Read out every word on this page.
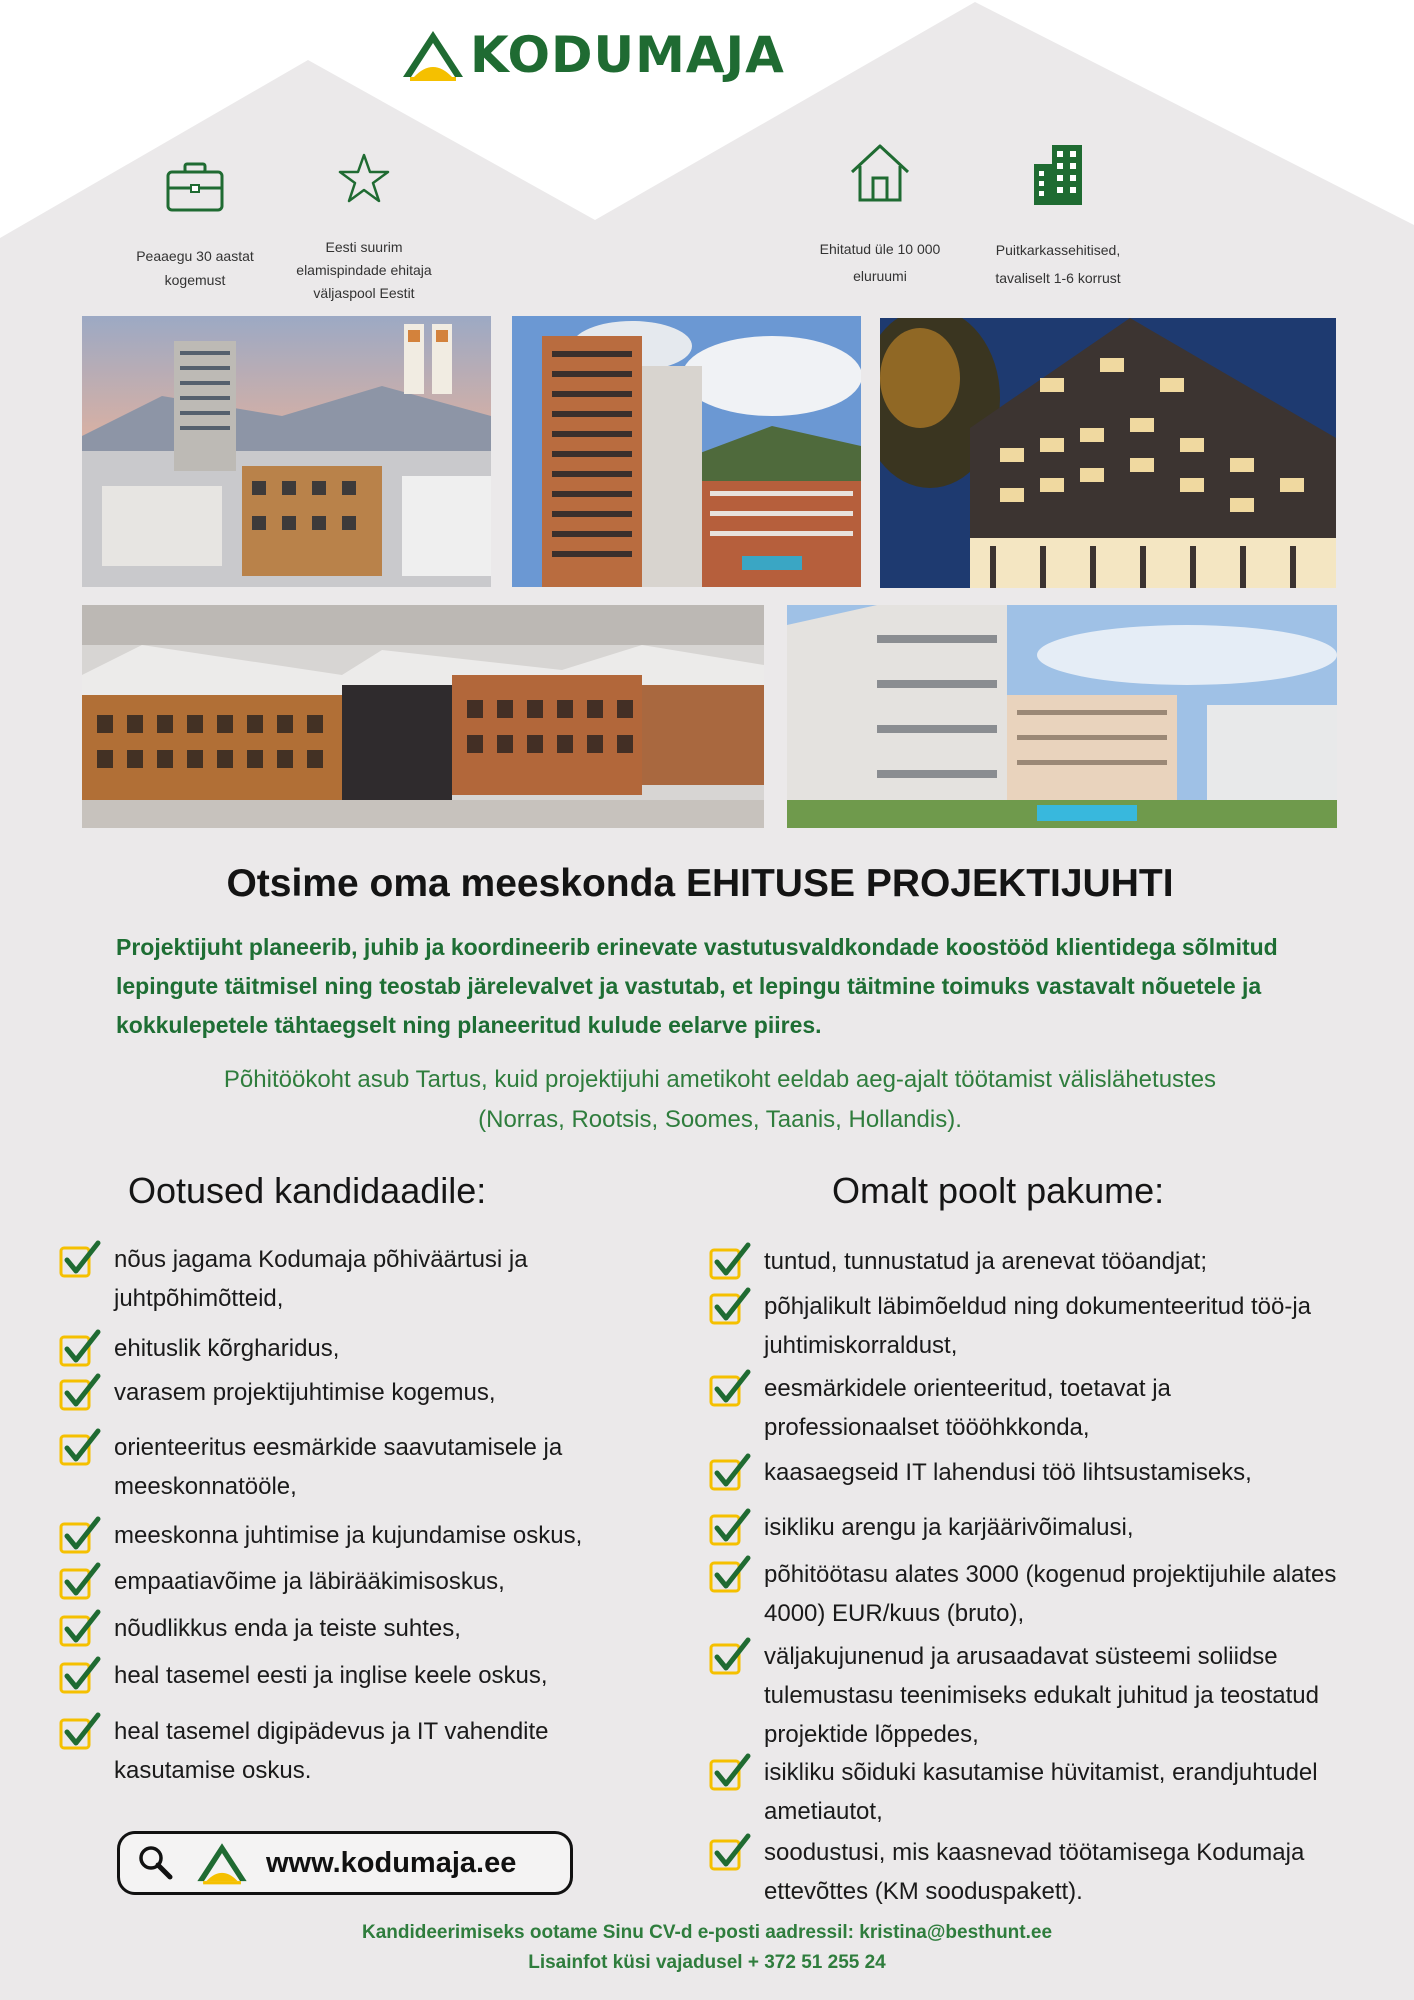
KODUMAJA
Peaaegu 30 aastat
kogemust
Eesti suurim
elamispindade ehitaja
väljaspool Eestit
Ehitatud üle 10 000
eluruumi
Puitkarkassehitised,
tavaliselt 1-6 korrust
Otsime oma meeskonda EHITUSE PROJEKTIJUHTI
Projektijuht planeerib, juhib ja koordineerib erinevate vastutusvaldkondade koostööd klientidega sõlmitud lepingute täitmisel ning teostab järelevalvet ja vastutab, et lepingu täitmine toimuks vastavalt nõuetele ja kokkulepetele tähtaegselt ning planeeritud kulude eelarve piires.
Põhitöökoht asub Tartus, kuid projektijuhi ametikoht eeldab aeg-ajalt töötamist välislähetustes
(Norras, Rootsis, Soomes, Taanis, Hollandis).
Ootused kandidaadile:
nõus jagama Kodumaja põhiväärtusi ja juhtpõhimõtteid,
ehituslik kõrgharidus,
varasem projektijuhtimise kogemus,
orienteeritus eesmärkide saavutamisele ja meeskonnatööle,
meeskonna juhtimise ja kujundamise oskus,
empaatiavõime ja läbirääkimisoskus,
nõudlikkus enda ja teiste suhtes,
heal tasemel eesti ja inglise keele oskus,
heal tasemel digipädevus ja IT vahendite kasutamise oskus.
Omalt poolt pakume:
tuntud, tunnustatud ja arenevat tööandjat;
põhjalikult läbimõeldud ning dokumenteeritud töö-ja juhtimiskorraldust,
eesmärkidele orienteeritud, toetavat ja professionaalset töööhkkonda,
kaasaegseid IT lahendusi töö lihtsustamiseks,
isikliku arengu ja karjäärivõimalusi,
põhitöötasu alates 3000 (kogenud projektijuhile alates 4000) EUR/kuus (bruto),
väljakujunenud ja arusaadavat süsteemi soliidse tulemustasu teenimiseks edukalt juhitud ja teostatud projektide lõppedes,
isikliku sõiduki kasutamise hüvitamist, erandjuhtudel ametiautot,
soodustusi, mis kaasnevad töötamisega Kodumaja ettevõttes (KM sooduspakett).
www.kodumaja.ee
Kandideerimiseks ootame Sinu CV-d e-posti aadressil: kristina@besthunt.ee
Lisainfot küsi vajadusel + 372 51 255 24
